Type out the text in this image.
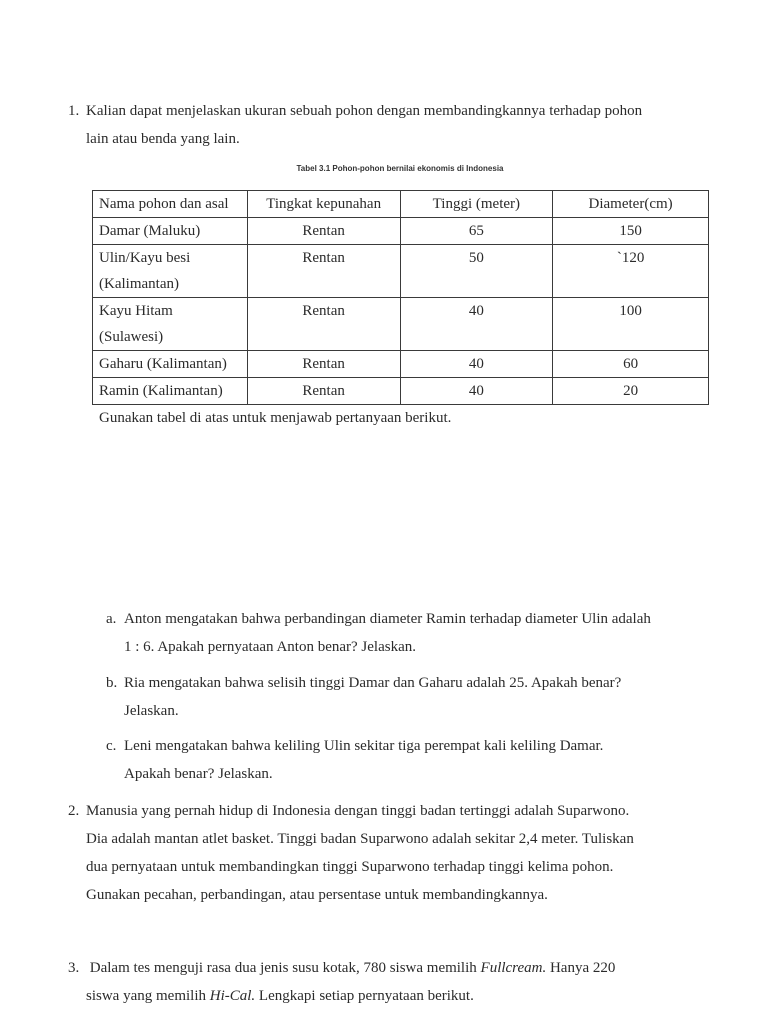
1. Kalian dapat menjelaskan ukuran sebuah pohon dengan membandingkannya terhadap pohon
lain atau benda yang lain.
Tabel 3.1 Pohon-pohon bernilai ekonomis di Indonesia
Nama pohon dan asal	Tingkat kepunahan	Tinggi (meter)	Diameter(cm)
Damar (Maluku)	Rentan	65	150

Ulin/Kayu besi
(Kalimantan)	Rentan	50	`120

Kayu Hitam
(Sulawesi)	Rentan	40	100
Gaharu (Kalimantan)	Rentan	40	60
Ramin (Kalimantan)	Rentan	40	20
Gunakan tabel di atas untuk menjawab pertanyaan berikut.
a. Anton mengatakan bahwa perbandingan diameter Ramin terhadap diameter Ulin adalah
1 : 6. Apakah pernyataan Anton benar? Jelaskan.
b. Ria mengatakan bahwa selisih tinggi Damar dan Gaharu adalah 25. Apakah benar?
Jelaskan.
c. Leni mengatakan bahwa keliling Ulin sekitar tiga perempat kali keliling Damar.
Apakah benar? Jelaskan.
2. Manusia yang pernah hidup di Indonesia dengan tinggi badan tertinggi adalah Suparwono.
Dia adalah mantan atlet basket. Tinggi badan Suparwono adalah sekitar 2,4 meter. Tuliskan
dua pernyataan untuk membandingkan tinggi Suparwono terhadap tinggi kelima pohon.
Gunakan pecahan, perbandingan, atau persentase untuk membandingkannya.
3. Dalam tes menguji rasa dua jenis susu kotak, 780 siswa memilih Fullcream. Hanya 220
siswa yang memilih Hi-Cal. Lengkapi setiap pernyataan berikut.
